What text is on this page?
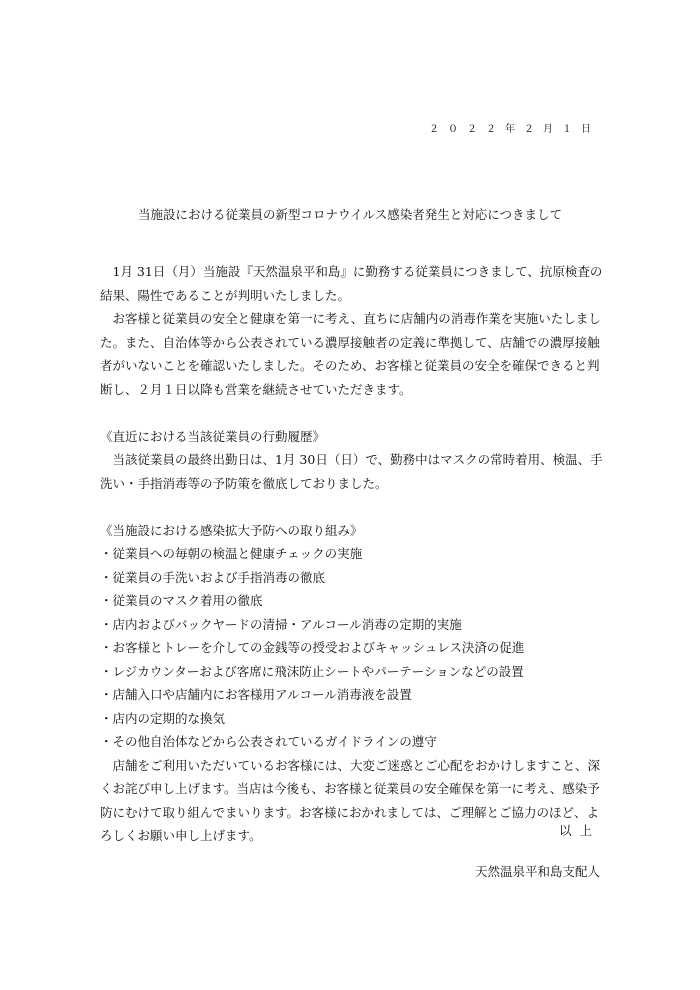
２０２２年２月１日
当施設における従業員の新型コロナウイルス感染者発生と対応につきまして

1月 31日（月）当施設『天然温泉平和島』に勤務する従業員につきまして、抗原検査の結果、陽性であることが判明いたしました。

お客様と従業員の安全と健康を第一に考え、直ちに店舗内の消毒作業を実施いたしました。また、自治体等から公表されている濃厚接触者の定義に準拠して、店舗での濃厚接触者がいないことを確認いたしました。そのため、お客様と従業員の安全を確保できると判断し、２月１日以降も営業を継続させていただきます。

《直近における当該従業員の行動履歴》

当該従業員の最終出勤日は、1月 30日（日）で、勤務中はマスクの常時着用、検温、手洗い・手指消毒等の予防策を徹底しておりました。

《当施設における感染拡大予防への取り組み》

・従業員への毎朝の検温と健康チェックの実施
・従業員の手洗いおよび手指消毒の徹底
・従業員のマスク着用の徹底
・店内およびバックヤードの清掃・アルコール消毒の定期的実施
・お客様とトレーを介しての金銭等の授受およびキャッシュレス決済の促進
・レジカウンターおよび客席に飛沫防止シートやパーテーションなどの設置
・店舗入口や店舗内にお客様用アルコール消毒液を設置
・店内の定期的な換気
・その他自治体などから公表されているガイドラインの遵守

店舗をご利用いただいているお客様には、大変ご迷惑とご心配をおかけしますこと、深くお詫び申し上げます。当店は今後も、お客様と従業員の安全確保を第一に考え、感染予防にむけて取り組んでまいります。お客様におかれましては、ご理解とご協力のほど、よろしくお願い申し上げます。	以上
天然温泉平和島支配人
